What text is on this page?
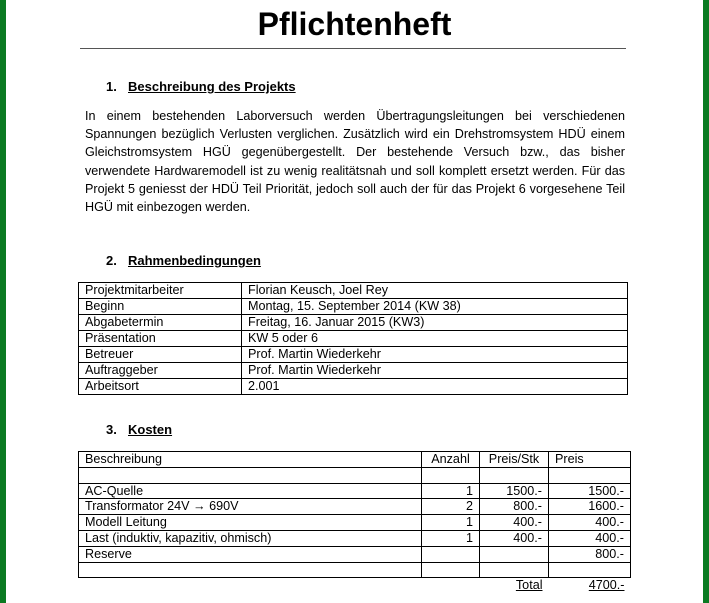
Pflichtenheft
1. Beschreibung des Projekts
In einem bestehenden Laborversuch werden Übertragungsleitungen bei verschiedenen Spannungen bezüglich Verlusten verglichen. Zusätzlich wird ein Drehstromsystem HDÜ einem Gleichstromsystem HGÜ gegenübergestellt. Der bestehende Versuch bzw., das bisher verwendete Hardwaremodell ist zu wenig realitätsnah und soll komplett ersetzt werden. Für das Projekt 5 geniesst der HDÜ Teil Priorität, jedoch soll auch der für das Projekt 6 vorgesehene Teil HGÜ mit einbezogen werden.
2. Rahmenbedingungen
Projektmitarbeiter	Florian Keusch, Joel Rey
Beginn	Montag, 15. September 2014 (KW 38)
Abgabetermin	Freitag, 16. Januar 2015 (KW3)
Präsentation	KW 5 oder 6
Betreuer	Prof. Martin Wiederkehr
Auftraggeber	Prof. Martin Wiederkehr
Arbeitsort	2.001
3. Kosten
Beschreibung	Anzahl	Preis/Stk	Preis

AC-Quelle	1	1500.-	1500.-
Transformator 24V → 690V	2	800.-	1600.-
Modell Leitung	1	400.-	400.-
Last (induktiv, kapazitiv, ohmisch)	1	400.-	400.-
Reserve			800.-

		Total	4700.-
